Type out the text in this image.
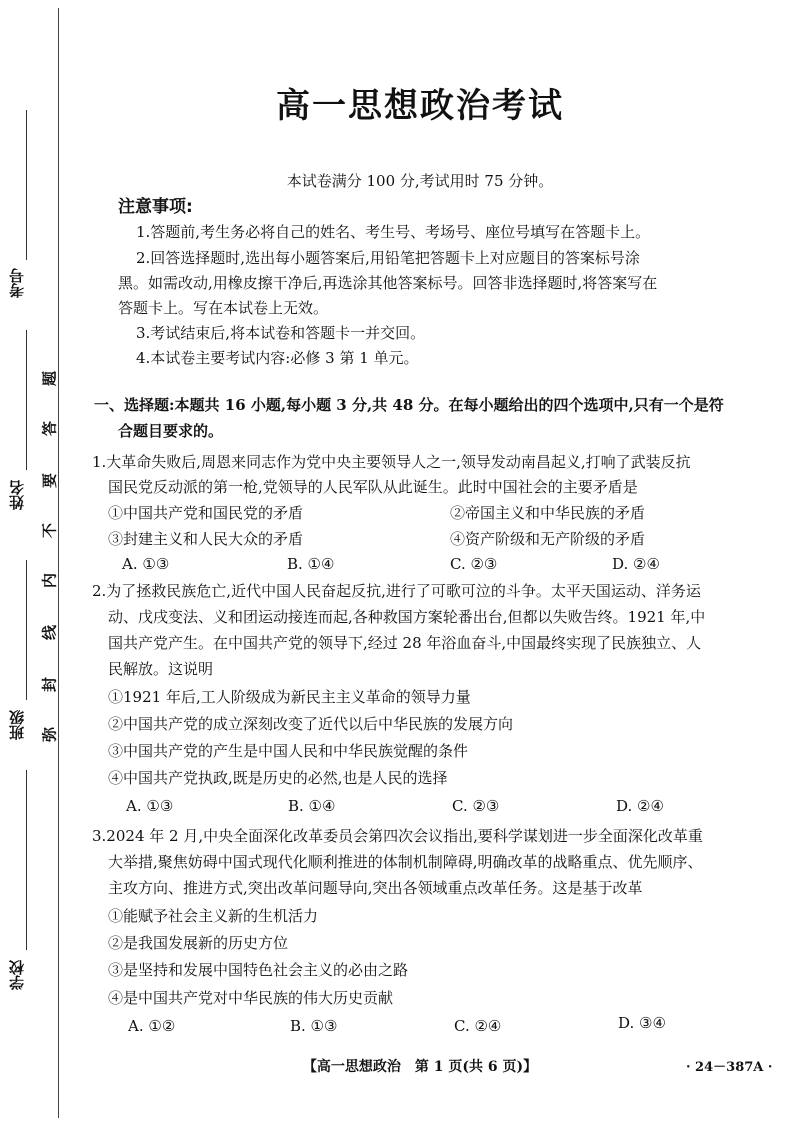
考号
姓名
班级
学校
题
答
要
不
内
线
封
弥
高一思想政治考试
本试卷满分 100 分,考试用时 75 分钟。
注意事项:
1.答题前,考生务必将自己的姓名、考生号、考场号、座位号填写在答题卡上。
2.回答选择题时,选出每小题答案后,用铅笔把答题卡上对应题目的答案标号涂
黑。如需改动,用橡皮擦干净后,再选涂其他答案标号。回答非选择题时,将答案写在
答题卡上。写在本试卷上无效。
3.考试结束后,将本试卷和答题卡一并交回。
4.本试卷主要考试内容:必修 3 第 1 单元。
一、选择题:本题共 16 小题,每小题 3 分,共 48 分。在每小题给出的四个选项中,只有一个是符
合题目要求的。
1.大革命失败后,周恩来同志作为党中央主要领导人之一,领导发动南昌起义,打响了武装反抗
国民党反动派的第一枪,党领导的人民军队从此诞生。此时中国社会的主要矛盾是
①中国共产党和国民党的矛盾	②帝国主义和中华民族的矛盾
③封建主义和人民大众的矛盾	④资产阶级和无产阶级的矛盾
A. ①③	B. ①④	C. ②③	D. ②④
2.为了拯救民族危亡,近代中国人民奋起反抗,进行了可歌可泣的斗争。太平天国运动、洋务运
动、戊戌变法、义和团运动接连而起,各种救国方案轮番出台,但都以失败告终。1921 年,中
国共产党产生。在中国共产党的领导下,经过 28 年浴血奋斗,中国最终实现了民族独立、人
民解放。这说明
①1921 年后,工人阶级成为新民主主义革命的领导力量
②中国共产党的成立深刻改变了近代以后中华民族的发展方向
③中国共产党的产生是中国人民和中华民族觉醒的条件
④中国共产党执政,既是历史的必然,也是人民的选择
A. ①③	B. ①④	C. ②③	D. ②④
3.2024 年 2 月,中央全面深化改革委员会第四次会议指出,要科学谋划进一步全面深化改革重
大举措,聚焦妨碍中国式现代化顺利推进的体制机制障碍,明确改革的战略重点、优先顺序、
主攻方向、推进方式,突出改革问题导向,突出各领域重点改革任务。这是基于改革
①能赋予社会主义新的生机活力
②是我国发展新的历史方位
③是坚持和发展中国特色社会主义的必由之路
④是中国共产党对中华民族的伟大历史贡献
A. ①②	B. ①③	C. ②④	D. ③④
【高一思想政治　第 1 页(共 6 页)】	· 24－387A ·
